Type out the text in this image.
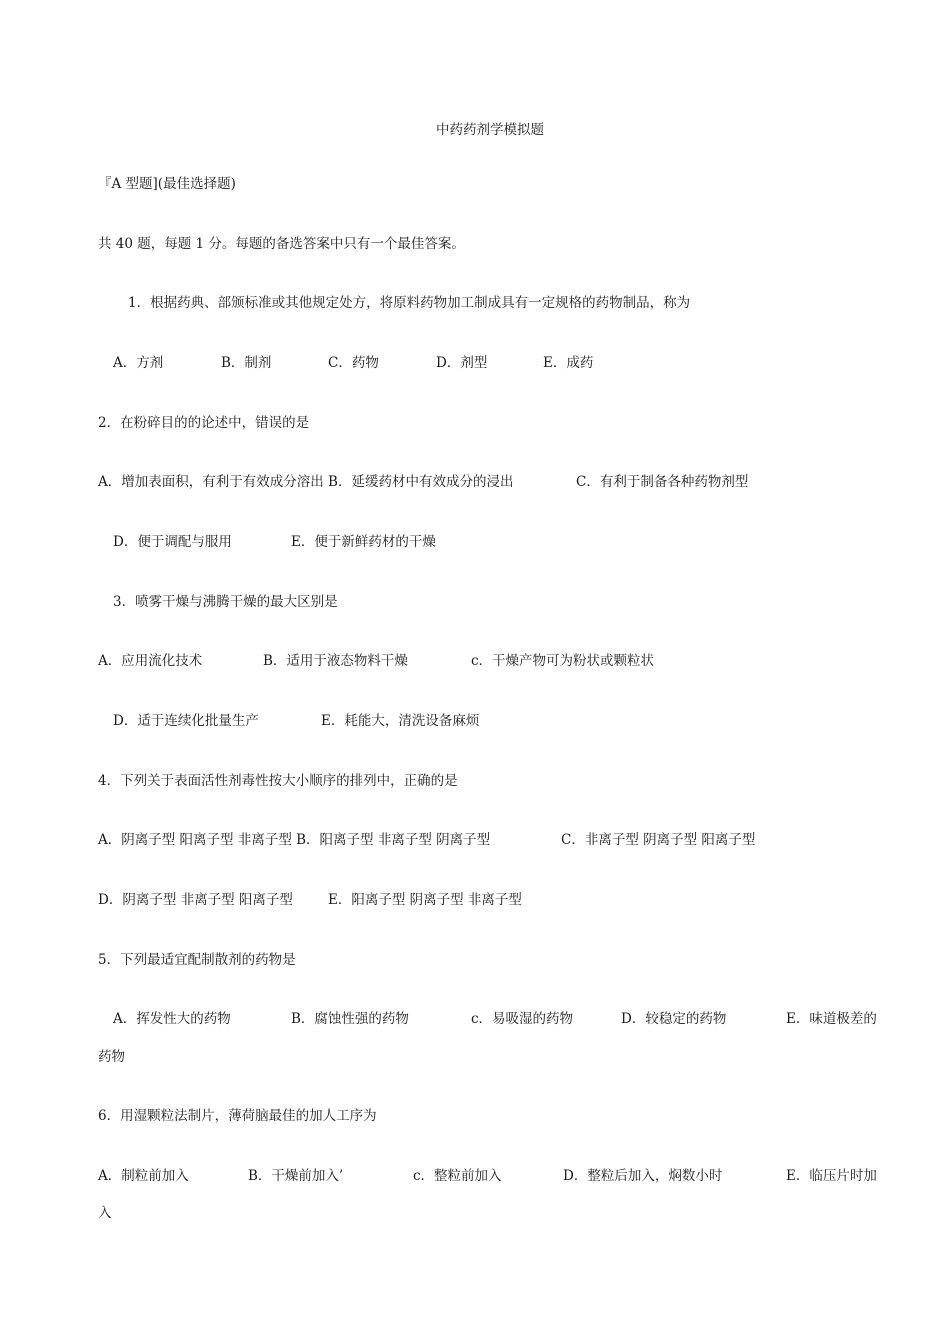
中药药剂学模拟题
『A 型题](最佳选择题)
共 40 题，每题 1 分。每题的备选答案中只有一个最佳答案。
1．根据药典、部颁标准或其他规定处方，将原料药物加工制成具有一定规格的药物制品，称为
A．方剂	B．制剂	C．药物	D．剂型	E．成药
2．在粉碎目的的论述中，错误的是
A．增加表面积，有利于有效成分溶出 B．延缓药材中有效成分的浸出	C．有利于制备各种药物剂型
D．便于调配与服用	E．便于新鲜药材的干燥
3．喷雾干燥与沸腾干燥的最大区别是
A．应用流化技术	B．适用于液态物料干燥	c．干燥产物可为粉状或颗粒状
D．适于连续化批量生产	E．耗能大，清洗设备麻烦
4．下列关于表面活性剂毒性按大小顺序的排列中，正确的是
A．阴离子型 阳离子型 非离子型 B．阳离子型 非离子型 阴离子型	C．非离子型 阴离子型 阳离子型
D．阴离子型 非离子型 阳离子型	E．阳离子型 阴离子型 非离子型
5．下列最适宜配制散剂的药物是
A．挥发性大的药物	B．腐蚀性强的药物	c．易吸湿的药物	D．较稳定的药物	E．味道极差的
药物
6．用湿颗粒法制片，薄荷脑最佳的加人工序为
A．制粒前加入	B．干燥前加入’	c．整粒前加入	D．整粒后加入，焖数小时	E．临压片时加
入
